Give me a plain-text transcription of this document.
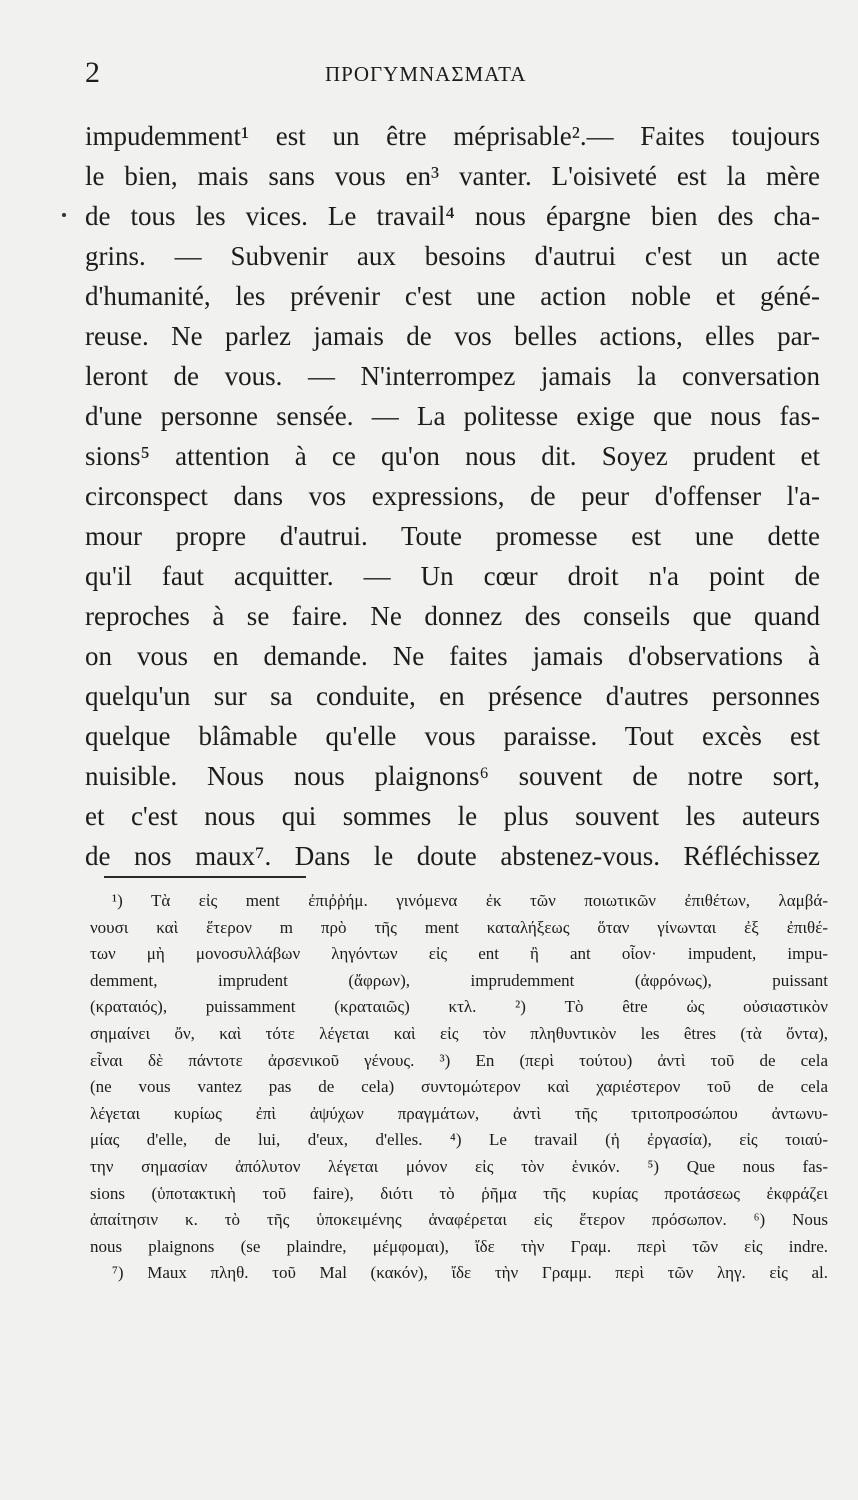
2	ΠΡΟΓΥΜΝΑΣΜΑΤΑ
impudemment¹ est un être méprisable².— Faites toujours
le bien, mais sans vous en³ vanter. L'oisiveté est la mère
de tous les vices. Le travail⁴ nous épargne bien des cha-
grins. — Subvenir aux besoins d'autrui c'est un acte
d'humanité, les prévenir c'est une action noble et géné-
reuse. Ne parlez jamais de vos belles actions, elles par-
leront de vous. — N'interrompez jamais la conversation
d'une personne sensée. — La politesse exige que nous fas-
sions⁵ attention à ce qu'on nous dit. Soyez prudent et
circonspect dans vos expressions, de peur d'offenser l'a-
mour propre d'autrui. Toute promesse est une dette
qu'il faut acquitter. — Un cœur droit n'a point de
reproches à se faire. Ne donnez des conseils que quand
on vous en demande. Ne faites jamais d'observations à
quelqu'un sur sa conduite, en présence d'autres personnes
quelque blâmable qu'elle vous paraisse. Tout excès est
nuisible. Nous nous plaignons⁶ souvent de notre sort,
et c'est nous qui sommes le plus souvent les auteurs
de nos maux⁷. Dans le doute abstenez-vous. Réfléchissez
¹) Τὰ εἰς ment ἐπιῤῥήμ. γινόμενα ἐκ τῶν ποιωτικῶν ἐπιθέτων, λαμβά-
νουσι καὶ ἕτερον m πρὸ τῆς ment καταλήξεως ὅταν γίνωνται ἐξ ἐπιθέ-
των μὴ μονοσυλλάβων ληγόντων εἰς ent ἢ ant οἷον· impudent, impu-
demment, imprudent (ἄφρων), imprudemment (ἀφρόνως), puissant
(κραταιός), puissamment (κραταιῶς) κτλ. ²) Τὸ être ὡς οὐσιαστικὸν
σημαίνει ὄν, καὶ τότε λέγεται καὶ εἰς τὸν πληθυντικὸν les êtres (τὰ ὄντα),
εἶναι δὲ πάντοτε ἀρσενικοῦ γένους. ³) En (περὶ τούτου) ἀντὶ τοῦ de cela
(ne vous vantez pas de cela) συντομώτερον καὶ χαριέστερον τοῦ de cela
λέγεται κυρίως ἐπὶ ἀψύχων πραγμάτων, ἀντὶ τῆς τριτοπροσώπου ἀντωνυ-
μίας d'elle, de lui, d'eux, d'elles. ⁴) Le travail (ἡ ἐργασία), εἰς τοιαύ-
την σημασίαν ἀπόλυτον λέγεται μόνον εἰς τὸν ἑνικόν. ⁵) Que nous fas-
sions (ὑποτακτικὴ τοῦ faire), διότι τὸ ῥῆμα τῆς κυρίας προτάσεως ἐκφράζει
ἀπαίτησιν κ. τὸ τῆς ὑποκειμένης ἀναφέρεται εἰς ἕτερον πρόσωπον. ⁶) Nous
nous plaignons (se plaindre, μέμφομαι), ἴδε τὴν Γραμ. περὶ τῶν εἰς indre.
⁷) Maux πληθ. τοῦ Mal (κακόν), ἴδε τὴν Γραμμ. περὶ τῶν ληγ. εἰς al.
